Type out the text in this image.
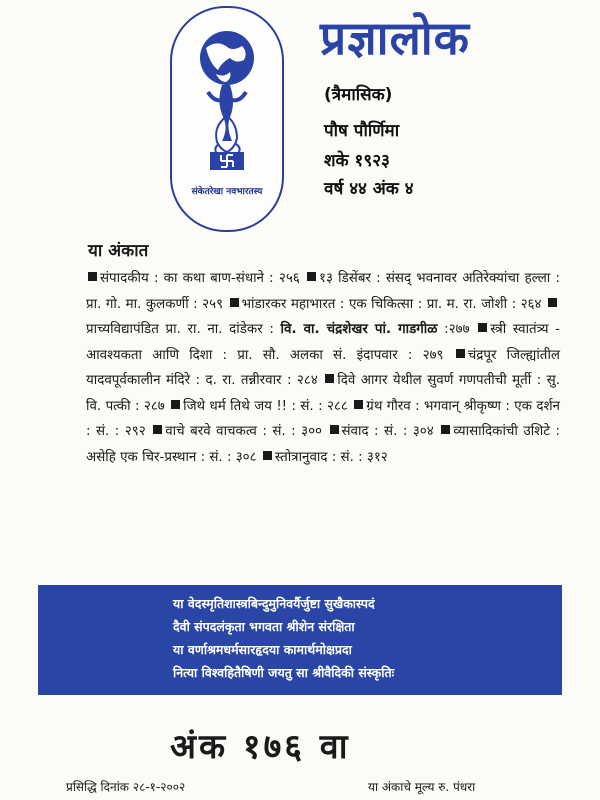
संकेतरेखा नवभारतस्य
प्रज्ञालोक
(त्रैमासिक)
पौष पौर्णिमा
शके १९२३
वर्ष ४४ अंक ४
या अंकात
संपादकीय : का कथा बाण-संधाने : २५६ १३ डिसेंबर : संसद् भवनावर अतिरेक्यांचा हल्ला : प्रा. गो. मा. कुलकर्णी : २५९ भांडारकर महाभारत : एक चिकित्सा : प्रा. म. रा. जोशी : २६४ प्राच्यविद्यापंडित प्रा. रा. ना. दांडेकर : वि. वा. चंद्रशेखर पां. गाडगीळ :२७७ स्त्री स्वातंत्र्य - आवश्यकता आणि दिशा : प्रा. सौ. अलका सं. इंदापवार : २७९ चंद्रपूर जिल्ह्यांतील यादवपूर्वकालीन मंदिरे : द. रा. तन्नीरवार : २८४ दिवे आगर येथील सुवर्ण गणपतीची मूर्ती : सु. वि. पत्की : २८७ जिथे धर्म तिथे जय !! : सं. : २८८ ग्रंथ गौरव : भगवान् श्रीकृष्ण : एक दर्शन : सं. : २९२ वाचे बरवे वाचकत्व : सं. : ३०० संवाद : सं. : ३०४ व्यासादिकांची उशिटे : असेहि एक चिर-प्रस्थान : सं. : ३०८ स्तोत्रानुवाद : सं. : ३१२
या वेदस्मृतिशास्त्रबिन्दुमुनिवर्यैर्जुष्टा सुखैकास्पदं
दैवी संपदलंकृता भगवता श्रीशेन संरक्षिता
या वर्णाश्रमधर्मसारहृदया कामार्थमोक्षप्रदा
नित्या विश्वहितैषिणी जयतु सा श्रीवैदिकी संस्कृतिः
अंक १७६ वा
प्रसिद्धि दिनांक २८-१-२००२	या अंकाचे मूल्य रु. पंधरा
